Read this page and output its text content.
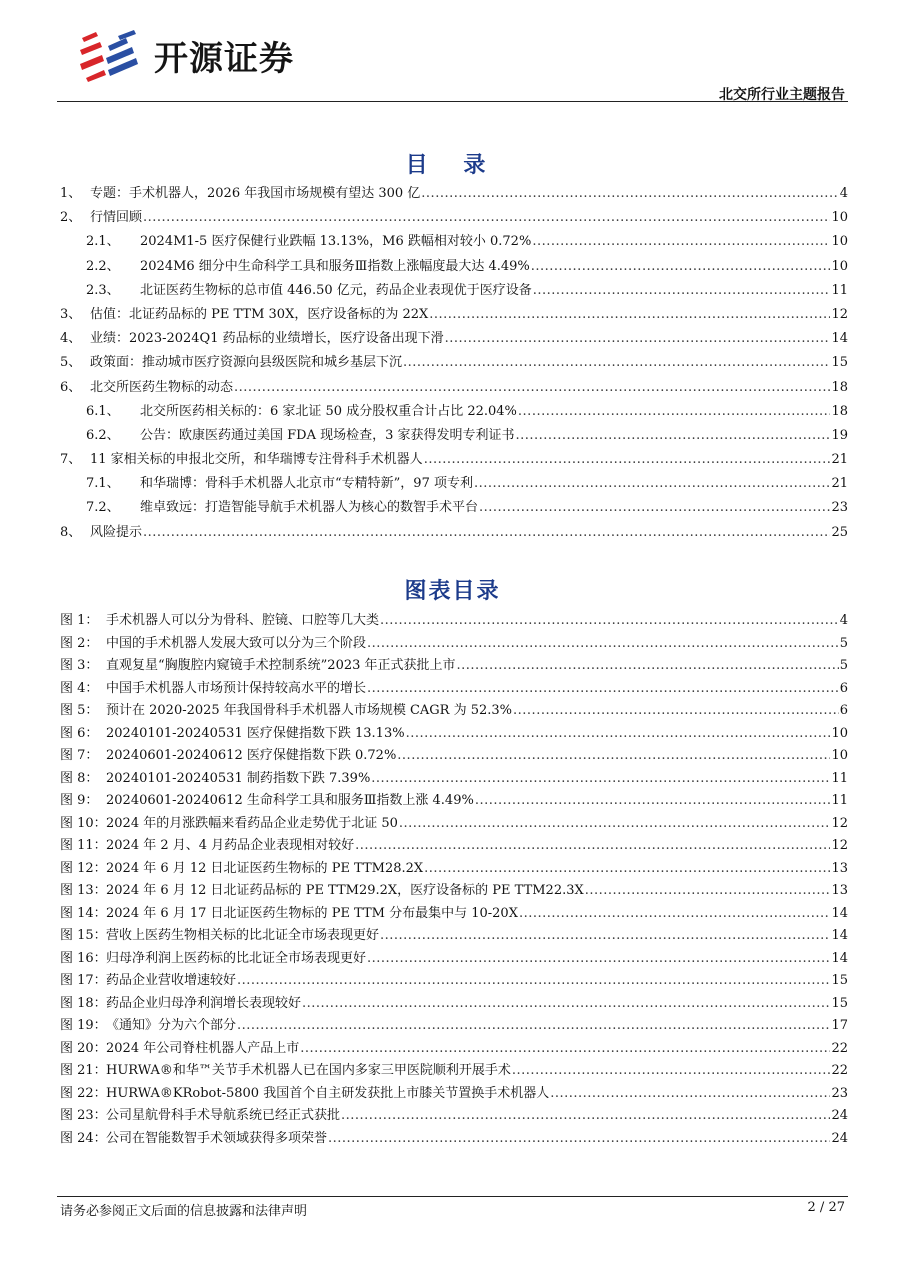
开源证券
北交所行业主题报告
目 录
1、 专题：手术机器人，2026 年我国市场规模有望达 300 亿 .....	4
2、 行情回顾 .....	10
2.1、	2024M1-5 医疗保健行业跌幅 13.13%，M6 跌幅相对较小 0.72% .....	10
2.2、	2024M6 细分中生命科学工具和服务Ⅲ指数上涨幅度最大达 4.49% .....	10
2.3、	北证医药生物标的总市值 446.50 亿元，药品企业表现优于医疗设备 .....	11
3、 估值：北证药品标的 PE TTM 30X，医疗设备标的为 22X .....	12
4、 业绩：2023-2024Q1 药品标的业绩增长，医疗设备出现下滑 .....	14
5、 政策面：推动城市医疗资源向县级医院和城乡基层下沉 .....	15
6、 北交所医药生物标的动态 .....	18
6.1、	北交所医药相关标的：6 家北证 50 成分股权重合计占比 22.04% .....	18
6.2、	公告：欧康医药通过美国 FDA 现场检查，3 家获得发明专利证书 .....	19
7、 11 家相关标的申报北交所，和华瑞博专注骨科手术机器人 .....	21
7.1、	和华瑞博：骨科手术机器人北京市“专精特新”，97 项专利 .....	21
7.2、	维卓致远：打造智能导航手术机器人为核心的数智手术平台 .....	23
8、 风险提示 .....	25
图表目录
图 1： 手术机器人可以分为骨科、腔镜、口腔等几大类 .....	4
图 2： 中国的手术机器人发展大致可以分为三个阶段 .....	5
图 3： 直观复星“胸腹腔内窥镜手术控制系统”2023 年正式获批上市 .....	5
图 4： 中国手术机器人市场预计保持较高水平的增长 .....	6
图 5： 预计在 2020-2025 年我国骨科手术机器人市场规模 CAGR 为 52.3% .....	6
图 6： 20240101-20240531 医疗保健指数下跌 13.13% .....	10
图 7： 20240601-20240612 医疗保健指数下跌 0.72% .....	10
图 8： 20240101-20240531 制药指数下跌 7.39% .....	11
图 9： 20240601-20240612 生命科学工具和服务Ⅲ指数上涨 4.49% .....	11
图 10： 2024 年的月涨跌幅来看药品企业走势优于北证 50 .....	12
图 11： 2024 年 2 月、4 月药品企业表现相对较好 .....	12
图 12： 2024 年 6 月 12 日北证医药生物标的 PE TTM28.2X .....	13
图 13： 2024 年 6 月 12 日北证药品标的 PE TTM29.2X，医疗设备标的 PE TTM22.3X .....	13
图 14： 2024 年 6 月 17 日北证医药生物标的 PE TTM 分布最集中与 10-20X .....	14
图 15： 营收上医药生物相关标的比北证全市场表现更好 .....	14
图 16： 归母净利润上医药标的比北证全市场表现更好 .....	14
图 17： 药品企业营收增速较好 .....	15
图 18： 药品企业归母净利润增长表现较好 .....	15
图 19： 《通知》分为六个部分 .....	17
图 20： 2024 年公司脊柱机器人产品上市 .....	22
图 21： HURWA®和华™关节手术机器人已在国内多家三甲医院顺利开展手术 .....	22
图 22： HURWA®KRobot-5800 我国首个自主研发获批上市膝关节置换手术机器人 .....	23
图 23： 公司星航骨科手术导航系统已经正式获批 .....	24
图 24： 公司在智能数智手术领域获得多项荣誉 .....	24
请务必参阅正文后面的信息披露和法律声明	2 / 27
